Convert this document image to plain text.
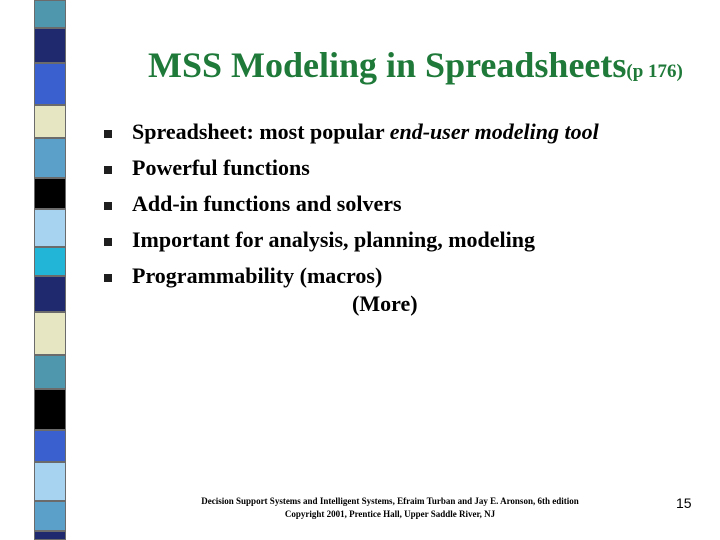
MSS Modeling in Spreadsheets(p 176)
Spreadsheet: most popular end-user modeling tool
Powerful functions
Add-in functions and solvers
Important for analysis, planning, modeling
Programmability (macros)
(More)
Decision Support Systems and Intelligent Systems, Efraim Turban and Jay E. Aronson, 6th edition
Copyright 2001, Prentice Hall, Upper Saddle River, NJ
15
